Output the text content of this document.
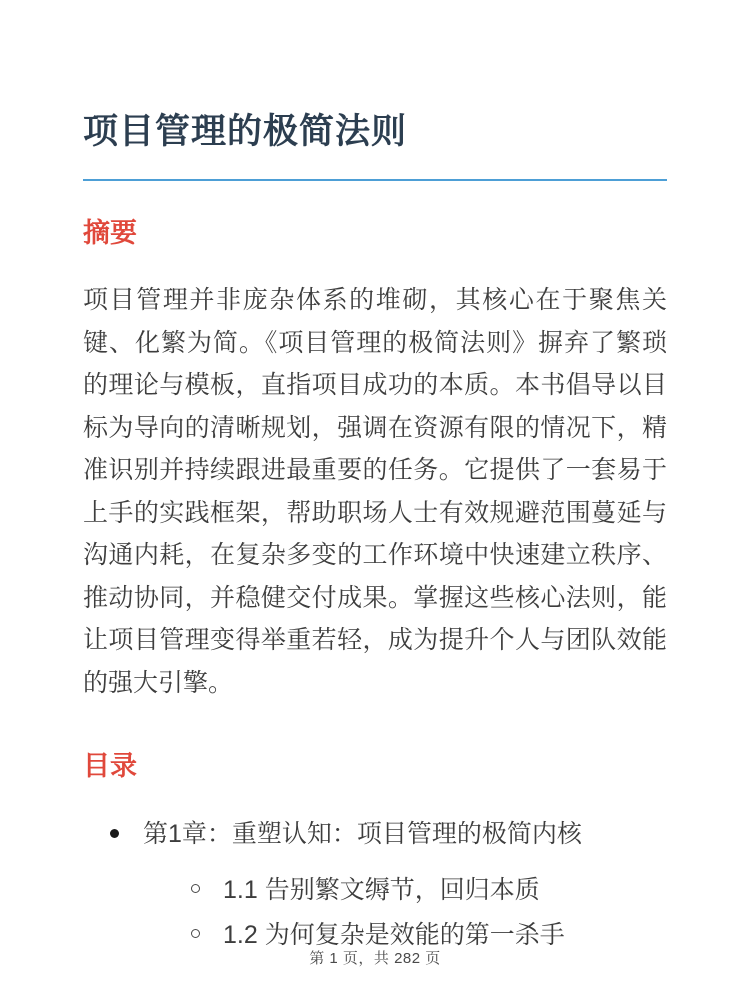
项目管理的极简法则
摘要

项目管理并非庞杂体系的堆砌，其核心在于聚焦关键、化繁为简。《项目管理的极简法则》摒弃了繁琐的理论与模板，直指项目成功的本质。本书倡导以目标为导向的清晰规划，强调在资源有限的情况下，精准识别并持续跟进最重要的任务。它提供了一套易于上手的实践框架，帮助职场人士有效规避范围蔓延与沟通内耗，在复杂多变的工作环境中快速建立秩序、推动协同，并稳健交付成果。掌握这些核心法则，能让项目管理变得举重若轻，成为提升个人与团队效能的强大引擎。

目录
第1章：重塑认知：项目管理的极简内核
1.1 告别繁文缛节，回归本质
1.2 为何复杂是效能的第一杀手
第 1 页，共 282 页
